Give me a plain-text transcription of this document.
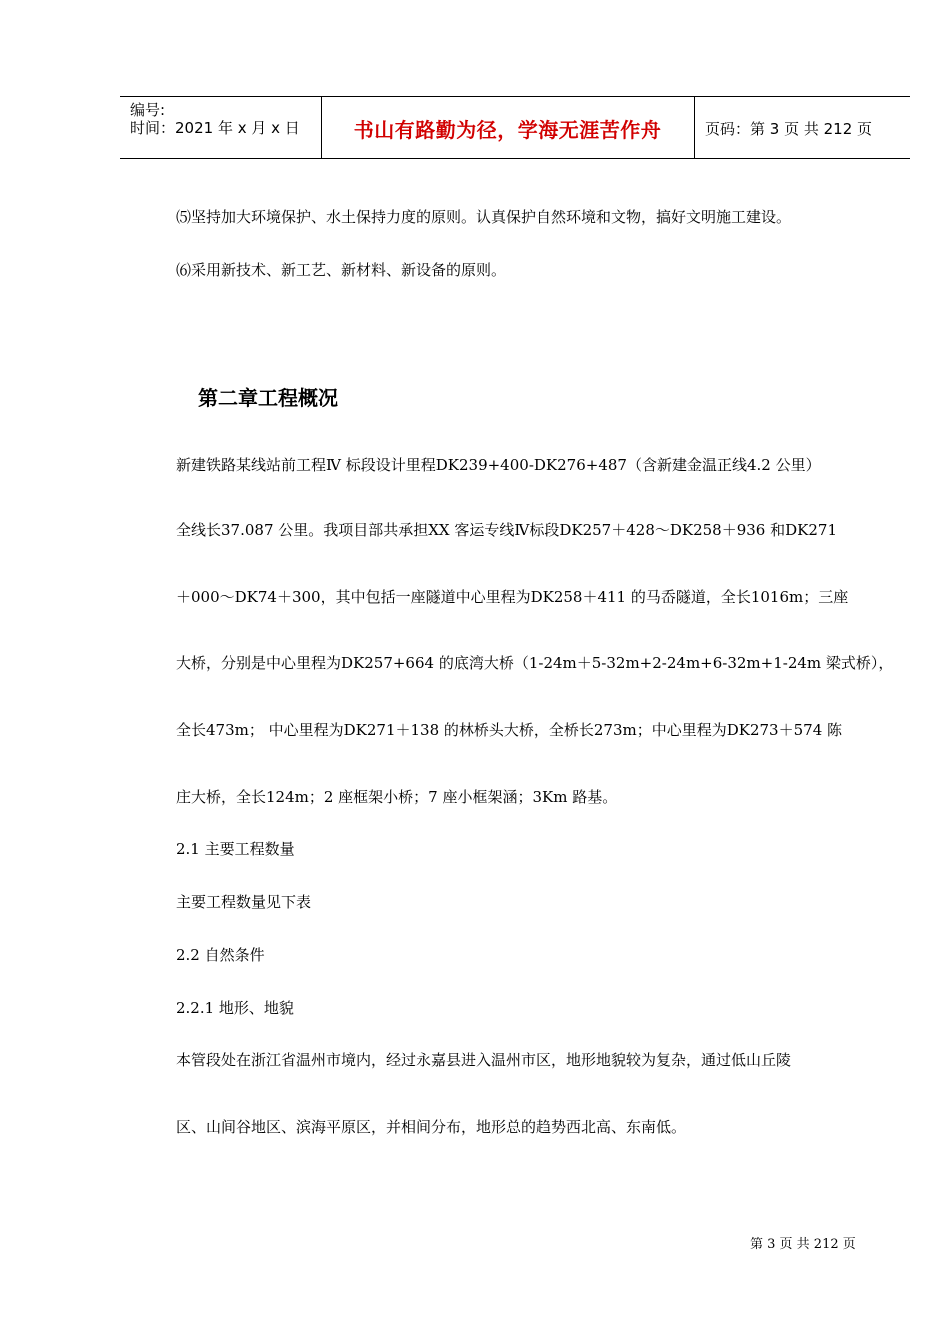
编号:
时间：2021 年 x 月 x 日	书山有路勤为径，学海无涯苦作舟	页码：第 3 页 共 212 页
⑸坚持加大环境保护、水土保持力度的原则。认真保护自然环境和文物，搞好文明施工建设。
⑹采用新技术、新工艺、新材料、新设备的原则。
第二章工程概况
新建铁路某线站前工程Ⅳ 标段设计里程DK239+400-DK276+487（含新建金温正线4.2 公里）
全线长37.087 公里。我项目部共承担XX 客运专线Ⅳ标段DK257＋428～DK258＋936 和DK271
＋000～DK74＋300，其中包括一座隧道中心里程为DK258＋411 的马岙隧道，全长1016m；三座
大桥，分别是中心里程为DK257+664 的底湾大桥（1-24m＋5-32m+2-24m+6-32m+1-24m 梁式桥），
全长473m； 中心里程为DK271＋138 的林桥头大桥，全桥长273m；中心里程为DK273＋574 陈
庄大桥，全长124m；2 座框架小桥；7 座小框架涵；3Km 路基。
2.1 主要工程数量
主要工程数量见下表
2.2 自然条件
2.2.1 地形、地貌
本管段处在浙江省温州市境内，经过永嘉县进入温州市区，地形地貌较为复杂，通过低山丘陵
区、山间谷地区、滨海平原区，并相间分布，地形总的趋势西北高、东南低。
第 3 页 共 212 页
